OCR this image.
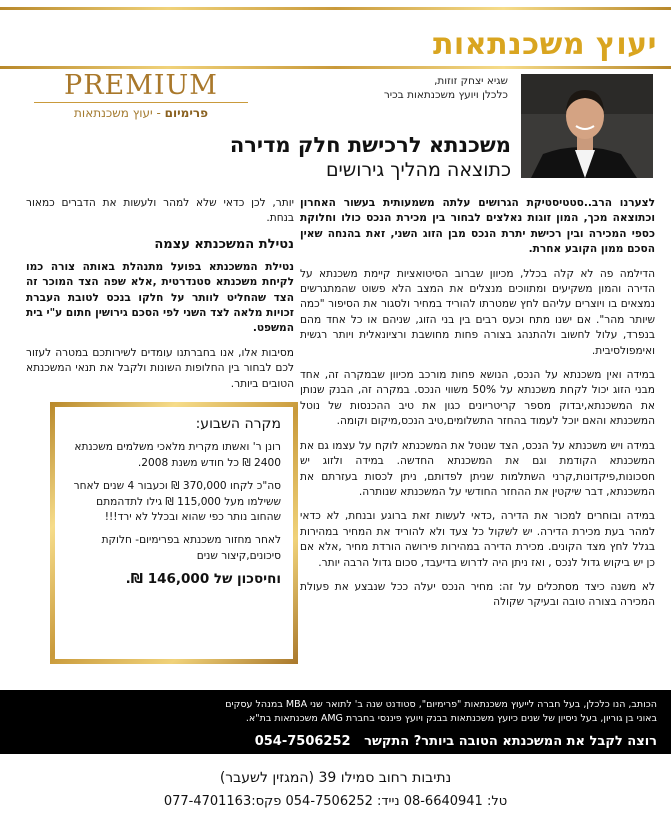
יעוץ משכנתאות
שגיא יצחק זוזות,
כלכלן ויועץ משכנתאות בכיר
PREMIUM
פרימיום - יעוץ משכנתאות
משכנתא לרכישת חלק מדירה
כתוצאה מהליך גירושים

לצערנו הרב..סטטיסטיקת הגרושים עלתה משמעותית בעשור האחרון וכתוצאה מכך, המון זוגות נאלצים לבחור בין מכירת הנכס כולו וחלוקת כספי המכירה ובין רכישת יתרת הנכס מבן הזוג השני, זאת בהנחה שאין הסכם ממון הקובע אחרת.

הדילמה פה לא קלה בכלל, מכיוון שברוב הסיטואציות קיימת משכנתא על הדירה והמון משקיעים ומתווכים מנצלים את המצב הלא פשוט שהמתגרשים נמצאים בו ויוצרים עליהם לחץ שמטרתו להוריד במחיר ולסגור את הסיפור "כמה שיותר מהר". אם ישנו מתח וכעס רבים בין בני הזוג, שניהם או כל אחד מהם בנפרד, עלול לחשוב ולהתנהג בצורה פחות מחושבת ורציונאלית ויותר רגשית ואימפולסיבית.

במידה ואין משכנתא על הנכס, הנושא פחות מורכב מכיוון שבמקרה זה, אחד מבני הזוג יכול לקחת משכנתא על 50% משווי הנכס. במקרה זה, הבנק שנותן את המשכנתא,יבדוק מספר קריטריונים כגון את טיב ההכנסות של נוטל המשכנתא והאם יוכל לעמוד בהחזר התשלומים,טיב הנכס,מיקום וקומה.

במידה ויש משכנתא על הנכס, הצד שנוטל את המשכנתא לוקח על עצמו גם את המשכנתא הקודמת וגם את המשכנתא החדשה. במידה ולזוג יש חסכונות,פיקדונות,קרני השתלמות שניתן לפדותם, ניתן לכסות בעזרתם את המשכנתא, דבר שיקטין את ההחזר החודשי על המשכנתא שנותרה.

במידה ובוחרים למכור את הדירה ,כדאי לעשות זאת ברוגע ובנחת, לא כדאי למהר בעת מכירת הדירה. יש לשקול כל צעד ולא להוריד את המחיר במהירות בגלל לחץ מצד הקונים. מכירת הדירה במהירות פירושה הורדת מחיר ,אלא אם כן יש ביקוש גדול לנכס , ואז ניתן היה לדרוש בדיעבד, סכום גדול הרבה יותר.

לא משנה כיצד מסתכלים על זה: מחיר הנכס יעלה ככל שנבצע את פעולת המכירה בצורה טובה ובעיקר שקולה

יותר, לכן כדאי שלא למהר ולעשות את הדברים כמאור בנחת.

נטילת המשכנתא עצמה

נטילת המשכנתא בפועל מתנהלת באותה צורה כמו לקיחת משכנתא סטנדרטית ,אלא שפה הצד המוכר זה הצד שהחליט לוותר על חלקו בנכס לטובת העברת זכויות מלאה לצד השני לפי הסכם גירושין חתום ע"י בית המשפט.

מסיבות אלו, אנו בחברתנו עומדים לשירותכם במטרה לעזור לכם לבחור בין החלופות השונות ולקבל את תנאי המשכנתא הטובים ביותר.

מקרה השבוע:

רונן ר' ואשתו מקרית מלאכי משלמים משכנתא 2400 ₪ כל חודש משנת 2008.

סה"כ לקחו 370,000 ₪ וכעבור 4 שנים לאחר ששילמו מעל 115,000 ₪ גילו לתדהמתם שהחוב נותר כפי שהוא ובכלל לא ירד!!!

לאחר מחזור משכנתא בפרימיום- חלוקת סיכונים,קיצור שנים

וחיסכון של 146,000 ₪.
הכותב, הנו כלכלן, בעל חברה לייעוץ משכנתאות "פרימיום", סטודנט שנה ב' לתואר שני MBA במנהל עסקים
באוני בן גוריון, בעל ניסיון של שנים כיועץ משכנתאות בבנק ויועץ פיננסי בחברת AMG משכנתאות בת"א.
רוצה לקבל את המשכנתא הטובה ביותר? התקשר   054-7506252
נתיבות רחוב סמילו 39 (המגזין לשעבר)
טל: 08-6640941 נייד: 054-7506252 פקס:077-4701163
